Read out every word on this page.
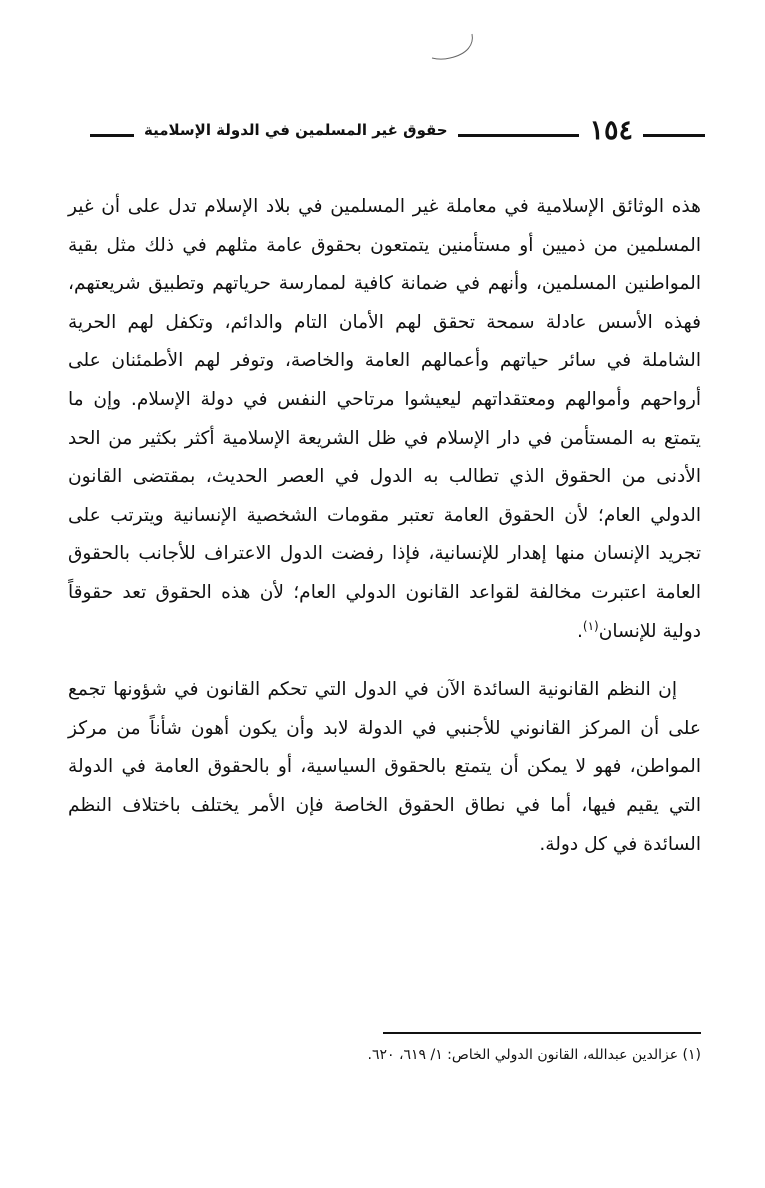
١٥٤
حقوق غير المسلمين في الدولة الإسلامية

هذه الوثائق الإسلامية في معاملة غير المسلمين في بلاد الإسلام تدل على أن غير المسلمين من ذميين أو مستأمنين يتمتعون بحقوق عامة مثلهم في ذلك مثل بقية المواطنين المسلمين، وأنهم في ضمانة كافية لممارسة حرياتهم وتطبيق شريعتهم، فهذه الأسس عادلة سمحة تحقق لهم الأمان التام والدائم، وتكفل لهم الحرية الشاملة في سائر حياتهم وأعمالهم العامة والخاصة، وتوفر لهم الأطمئنان على أرواحهم وأموالهم ومعتقداتهم ليعيشوا مرتاحي النفس في دولة الإسلام. وإن ما يتمتع به المستأمن في دار الإسلام في ظل الشريعة الإسلامية أكثر بكثير من الحد الأدنى من الحقوق الذي تطالب به الدول في العصر الحديث، بمقتضى القانون الدولي العام؛ لأن الحقوق العامة تعتبر مقومات الشخصية الإنسانية ويترتب على تجريد الإنسان منها إهدار للإنسانية، فإذا رفضت الدول الاعتراف للأجانب بالحقوق العامة اعتبرت مخالفة لقواعد القانون الدولي العام؛ لأن هذه الحقوق تعد حقوقاً دولية للإنسان$^{(١)}$.

إن النظم القانونية السائدة الآن في الدول التي تحكم القانون في شؤونها تجمع على أن المركز القانوني للأجنبي في الدولة لابد وأن يكون أهون شأناً من مركز المواطن، فهو لا يمكن أن يتمتع بالحقوق السياسية، أو بالحقوق العامة في الدولة التي يقيم فيها، أما في نطاق الحقوق الخاصة فإن الأمر يختلف باختلاف النظم السائدة في كل دولة.

(١) عزالدين عبدالله، القانون الدولي الخاص: ١/ ٦١٩، ٦٢٠.
